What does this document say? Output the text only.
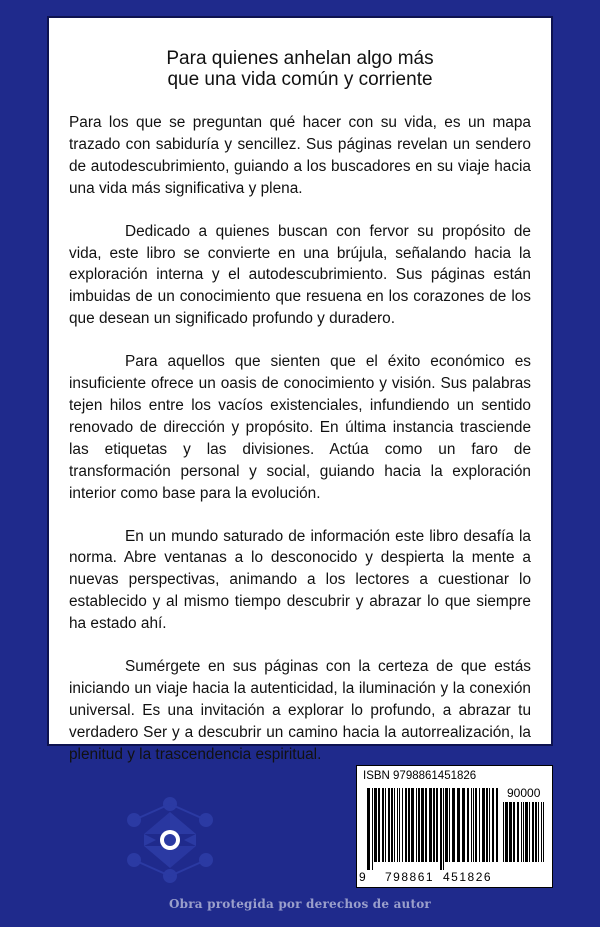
Para quienes anhelan algo más
que una vida común y corriente

Para los que se preguntan qué hacer con su vida, es un mapa trazado con sabiduría y sencillez. Sus páginas revelan un sendero de autodescubrimiento, guiando a los buscadores en su viaje hacia una vida más significativa y plena.

Dedicado a quienes buscan con fervor su propósito de vida, este libro se convierte en una brújula, señalando hacia la exploración interna y el autodescubrimiento. Sus páginas están imbuidas de un conocimiento que resuena en los corazones de los que desean un significado profundo y duradero.

Para aquellos que sienten que el éxito económico es insuficiente ofrece un oasis de conocimiento y visión. Sus palabras tejen hilos entre los vacíos existenciales, infundiendo un sentido renovado de dirección y propósito. En última instancia trasciende las etiquetas y las divisiones. Actúa como un faro de transformación personal y social, guiando hacia la exploración interior como base para la evolución.

En un mundo saturado de información este libro desafía la norma. Abre ventanas a lo desconocido y despierta la mente a nuevas perspectivas, animando a los lectores a cuestionar lo establecido y al mismo tiempo descubrir y abrazar lo que siempre ha estado ahí.

Sumérgete en sus páginas con la certeza de que estás iniciando un viaje hacia la autenticidad, la iluminación y la conexión universal. Es una invitación a explorar lo profundo, a abrazar tu verdadero Ser y a descubrir un camino hacia la autorrealización, la plenitud y la trascendencia espiritual.

ISBN 9798861451826
90000
9 798861 451826
Obra protegida por derechos de autor
